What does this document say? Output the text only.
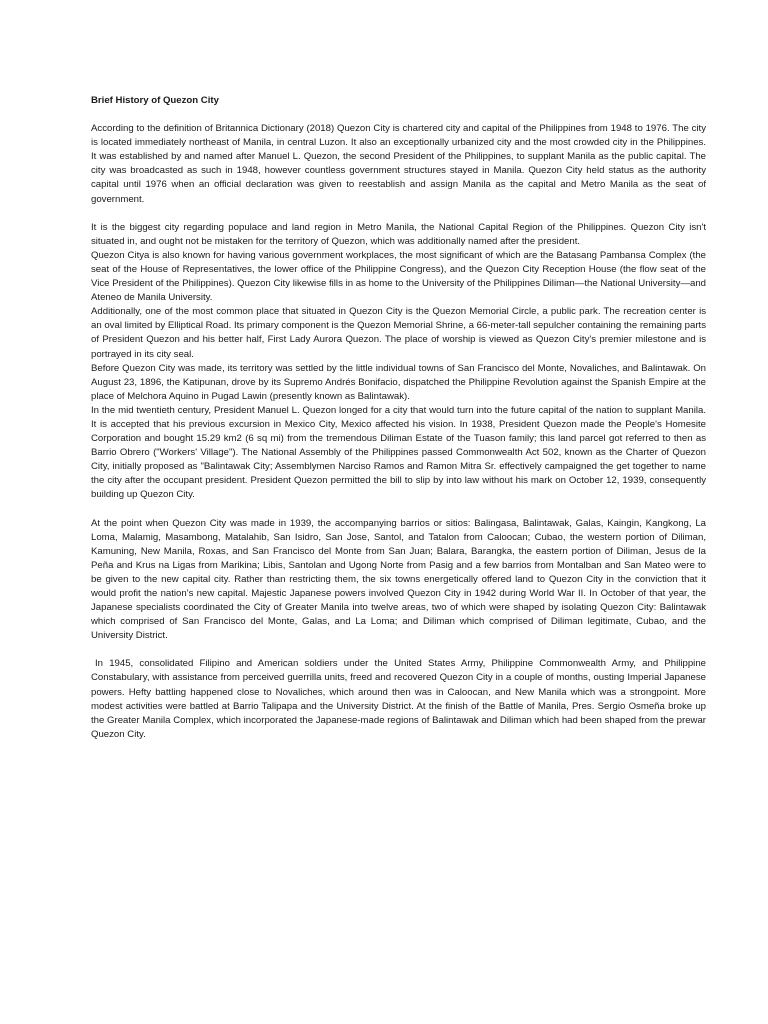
Brief History of Quezon City

According to the definition of Britannica Dictionary (2018) Quezon City is chartered city and capital of the Philippines from 1948 to 1976. The city is located immediately northeast of Manila, in central Luzon. It also an exceptionally urbanized city and the most crowded city in the Philippines. It was established by and named after Manuel L. Quezon, the second President of the Philippines, to supplant Manila as the public capital. The city was broadcasted as such in 1948, however countless government structures stayed in Manila. Quezon City held status as the authority capital until 1976 when an official declaration was given to reestablish and assign Manila as the capital and Metro Manila as the seat of government.

It is the biggest city regarding populace and land region in Metro Manila, the National Capital Region of the Philippines. Quezon City isn't situated in, and ought not be mistaken for the territory of Quezon, which was additionally named after the president.

Quezon Citya is also known for having various government workplaces, the most significant of which are the Batasang Pambansa Complex (the seat of the House of Representatives, the lower office of the Philippine Congress), and the Quezon City Reception House (the flow seat of the Vice President of the Philippines). Quezon City likewise fills in as home to the University of the Philippines Diliman—the National University—and Ateneo de Manila University.

Additionally, one of the most common place that situated in Quezon City is the Quezon Memorial Circle, a public park. The recreation center is an oval limited by Elliptical Road. Its primary component is the Quezon Memorial Shrine, a 66-meter-tall sepulcher containing the remaining parts of President Quezon and his better half, First Lady Aurora Quezon. The place of worship is viewed as Quezon City's premier milestone and is portrayed in its city seal.

Before Quezon City was made, its territory was settled by the little individual towns of San Francisco del Monte, Novaliches, and Balintawak. On August 23, 1896, the Katipunan, drove by its Supremo Andrés Bonifacio, dispatched the Philippine Revolution against the Spanish Empire at the place of Melchora Aquino in Pugad Lawin (presently known as Balintawak).

In the mid twentieth century, President Manuel L. Quezon longed for a city that would turn into the future capital of the nation to supplant Manila. It is accepted that his previous excursion in Mexico City, Mexico affected his vision. In 1938, President Quezon made the People's Homesite Corporation and bought 15.29 km2 (6 sq mi) from the tremendous Diliman Estate of the Tuason family; this land parcel got referred to then as Barrio Obrero ("Workers' Village"). The National Assembly of the Philippines passed Commonwealth Act 502, known as the Charter of Quezon City, initially proposed as "Balintawak City; Assemblymen Narciso Ramos and Ramon Mitra Sr. effectively campaigned the get together to name the city after the occupant president. President Quezon permitted the bill to slip by into law without his mark on October 12, 1939, consequently building up Quezon City.

At the point when Quezon City was made in 1939, the accompanying barrios or sitios: Balingasa, Balintawak, Galas, Kaingin, Kangkong, La Loma, Malamig, Masambong, Matalahib, San Isidro, San Jose, Santol, and Tatalon from Caloocan; Cubao, the western portion of Diliman, Kamuning, New Manila, Roxas, and San Francisco del Monte from San Juan; Balara, Barangka, the eastern portion of Diliman, Jesus de la Peña and Krus na Ligas from Marikina; Libis, Santolan and Ugong Norte from Pasig and a few barrios from Montalban and San Mateo were to be given to the new capital city. Rather than restricting them, the six towns energetically offered land to Quezon City in the conviction that it would profit the nation's new capital. Majestic Japanese powers involved Quezon City in 1942 during World War II. In October of that year, the Japanese specialists coordinated the City of Greater Manila into twelve areas, two of which were shaped by isolating Quezon City: Balintawak which comprised of San Francisco del Monte, Galas, and La Loma; and Diliman which comprised of Diliman legitimate, Cubao, and the University District.

In 1945, consolidated Filipino and American soldiers under the United States Army, Philippine Commonwealth Army, and Philippine Constabulary, with assistance from perceived guerrilla units, freed and recovered Quezon City in a couple of months, ousting Imperial Japanese powers. Hefty battling happened close to Novaliches, which around then was in Caloocan, and New Manila which was a strongpoint. More modest activities were battled at Barrio Talipapa and the University District. At the finish of the Battle of Manila, Pres. Sergio Osmeña broke up the Greater Manila Complex, which incorporated the Japanese-made regions of Balintawak and Diliman which had been shaped from the prewar Quezon City.
